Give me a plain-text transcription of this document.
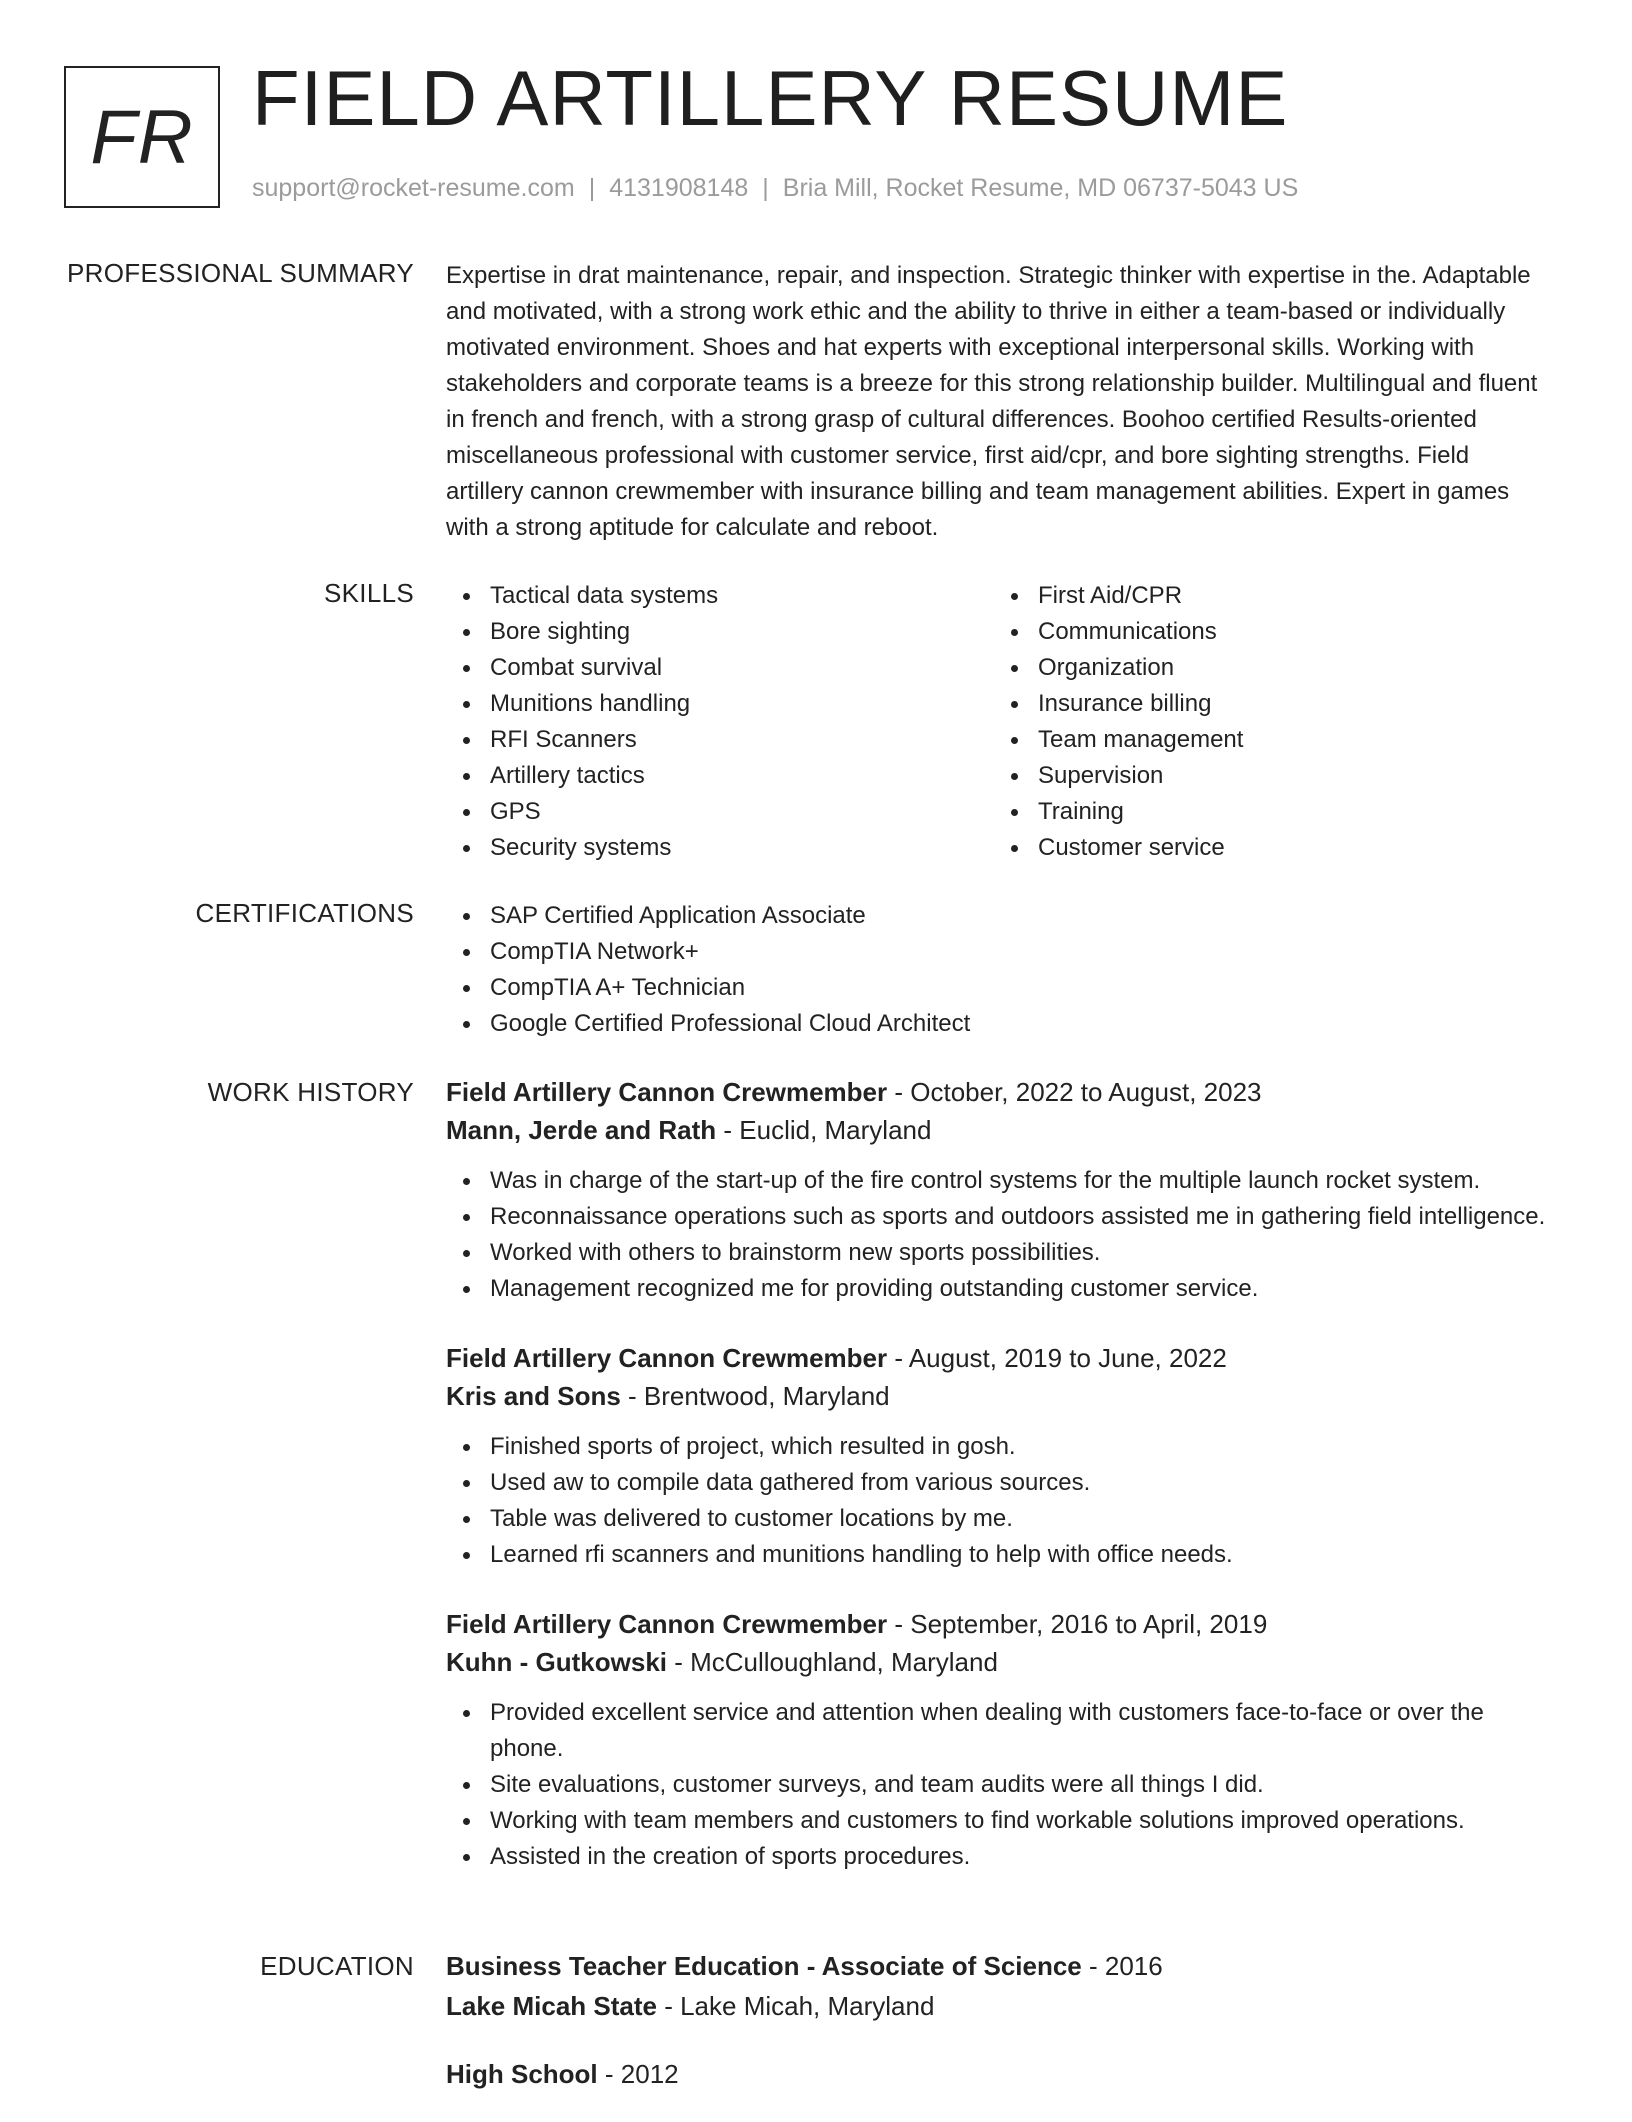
FR FIELD ARTILLERY RESUME
support@rocket-resume.com | 4131908148 | Bria Mill, Rocket Resume, MD 06737-5043 US
PROFESSIONAL SUMMARY Expertise in drat maintenance, repair, and inspection. Strategic thinker with expertise in the. Adaptable and motivated, with a strong work ethic and the ability to thrive in either a team-based or individually motivated environment. Shoes and hat experts with exceptional interpersonal skills. Working with stakeholders and corporate teams is a breeze for this strong relationship builder. Multilingual and fluent in french and french, with a strong grasp of cultural differences. Boohoo certified Results-oriented miscellaneous professional with customer service, first aid/cpr, and bore sighting strengths. Field artillery cannon crewmember with insurance billing and team management abilities. Expert in games with a strong aptitude for calculate and reboot.
SKILLS	Tactical data systems
Bore sighting
Combat survival
Munitions handling
RFI Scanners
Artillery tactics
GPS
Security systems
First Aid/CPR
Communications
Organization
Insurance billing
Team management
Supervision
Training
Customer service
CERTIFICATIONS	SAP Certified Application Associate
CompTIA Network+
CompTIA A+ Technician
Google Certified Professional Cloud Architect
WORK HISTORY Field Artillery Cannon Crewmember - October, 2022 to August, 2023
Mann, Jerde and Rath - Euclid, Maryland
Was in charge of the start-up of the fire control systems for the multiple launch rocket system.
Reconnaissance operations such as sports and outdoors assisted me in gathering field intelligence.
Worked with others to brainstorm new sports possibilities.
Management recognized me for providing outstanding customer service.
Field Artillery Cannon Crewmember - August, 2019 to June, 2022
Kris and Sons - Brentwood, Maryland
Finished sports of project, which resulted in gosh.
Used aw to compile data gathered from various sources.
Table was delivered to customer locations by me.
Learned rfi scanners and munitions handling to help with office needs.
Field Artillery Cannon Crewmember - September, 2016 to April, 2019
Kuhn - Gutkowski - McCulloughland, Maryland
Provided excellent service and attention when dealing with customers face-to-face or over the phone.
Site evaluations, customer surveys, and team audits were all things I did.
Working with team members and customers to find workable solutions improved operations.
Assisted in the creation of sports procedures.
EDUCATION Business Teacher Education - Associate of Science - 2016
Lake Micah State - Lake Micah, Maryland
High School - 2012
